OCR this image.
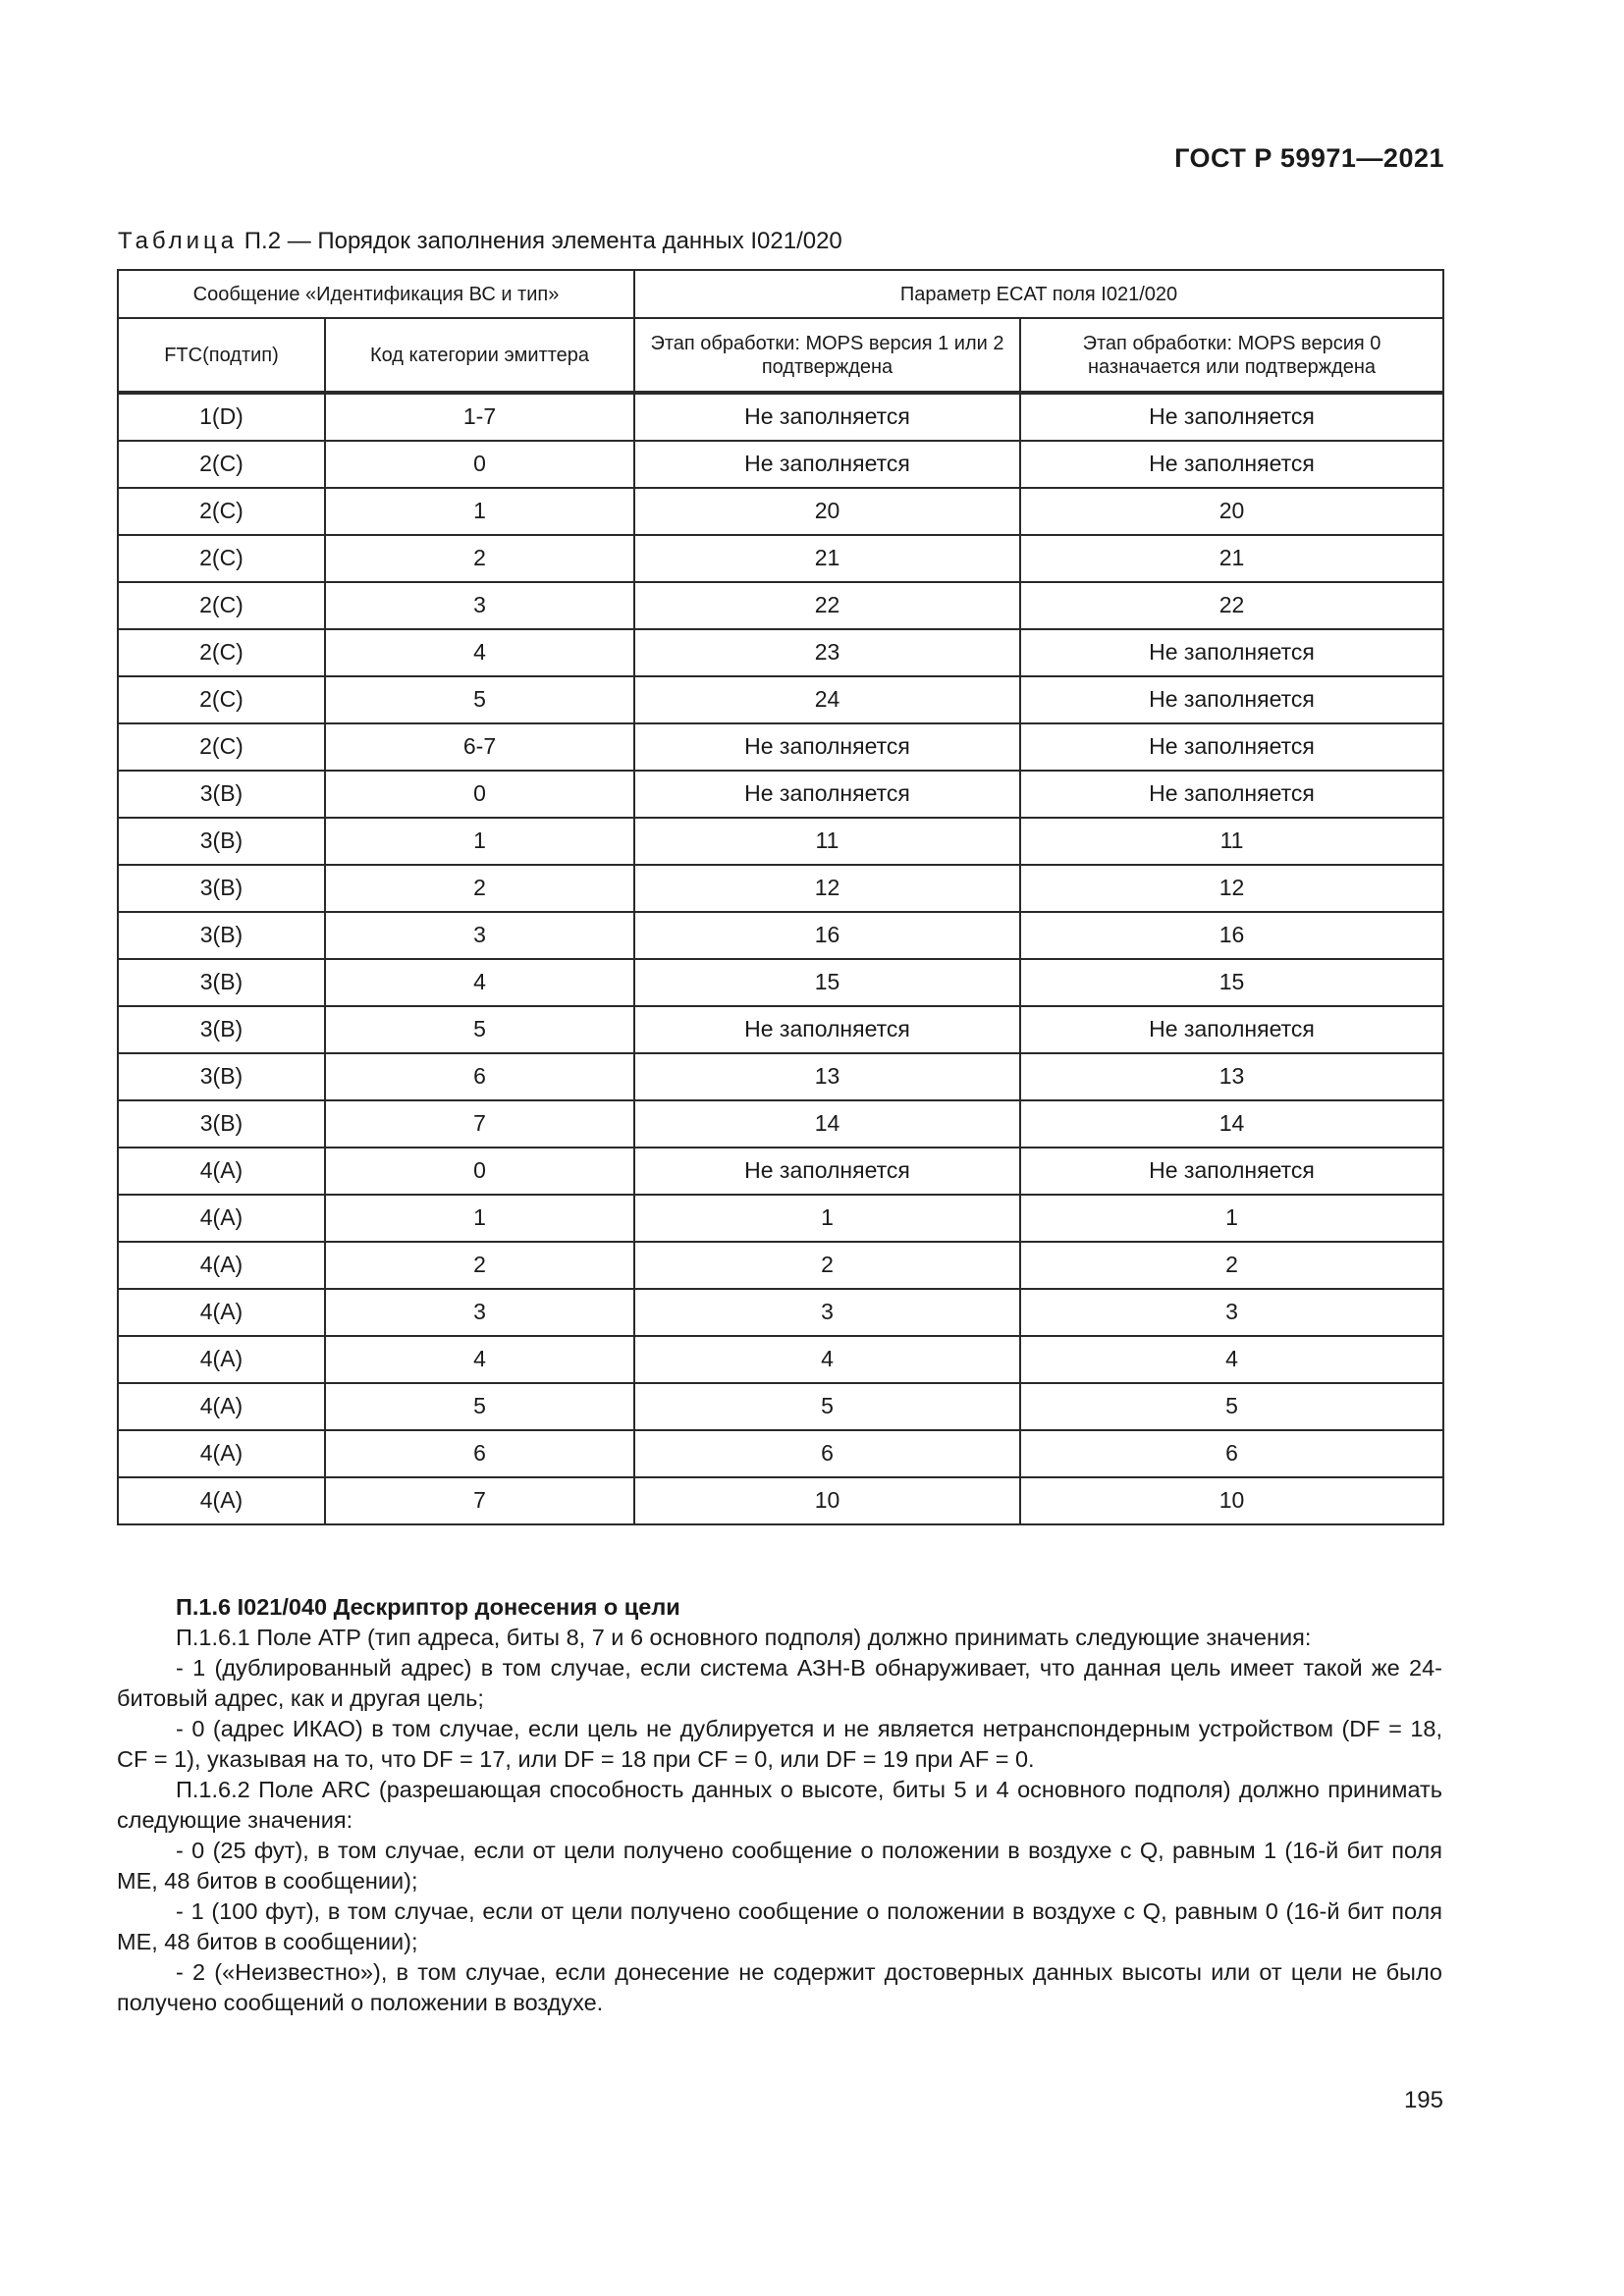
ГОСТ Р 59971—2021
Таблица П.2 — Порядок заполнения элемента данных I021/020
Сообщение «Идентификация ВС и тип»		Параметр ECAT поля I021/020	
FTC(подтип)	Код категории эмиттера	Этап обработки: MOPS версия 1 или 2 подтверждена	Этап обработки: MOPS версия 0 назначается или подтверждена
1(D)	1-7	Не заполняется	Не заполняется
2(C)	0	Не заполняется	Не заполняется
2(C)	1	20	20
2(C)	2	21	21
2(C)	3	22	22
2(C)	4	23	Не заполняется
2(C)	5	24	Не заполняется
2(C)	6-7	Не заполняется	Не заполняется
3(B)	0	Не заполняется	Не заполняется
3(B)	1	11	11
3(B)	2	12	12
3(B)	3	16	16
3(B)	4	15	15
3(B)	5	Не заполняется	Не заполняется
3(B)	6	13	13
3(B)	7	14	14
4(A)	0	Не заполняется	Не заполняется
4(A)	1	1	1
4(A)	2	2	2
4(A)	3	3	3
4(A)	4	4	4
4(A)	5	5	5
4(A)	6	6	6
4(A)	7	10	10

П.1.6 I021/040 Дескриптор донесения о цели

П.1.6.1 Поле ATP (тип адреса, биты 8, 7 и 6 основного подполя) должно принимать следующие значения:

- 1 (дублированный адрес) в том случае, если система АЗН-В обнаруживает, что данная цель имеет такой же 24-битовый адрес, как и другая цель;

- 0 (адрес ИКАО) в том случае, если цель не дублируется и не является нетранспондерным устройством (DF = 18, CF = 1), указывая на то, что DF = 17, или DF = 18 при CF = 0, или DF = 19 при AF = 0.

П.1.6.2 Поле ARC (разрешающая способность данных о высоте, биты 5 и 4 основного подполя) должно принимать следующие значения:

- 0 (25 фут), в том случае, если от цели получено сообщение о положении в воздухе с Q, равным 1 (16-й бит поля ME, 48 битов в сообщении);

- 1 (100 фут), в том случае, если от цели получено сообщение о положении в воздухе с Q, равным 0 (16-й бит поля ME, 48 битов в сообщении);

- 2 («Неизвестно»), в том случае, если донесение не содержит достоверных данных высоты или от цели не было получено сообщений о положении в воздухе.

195
